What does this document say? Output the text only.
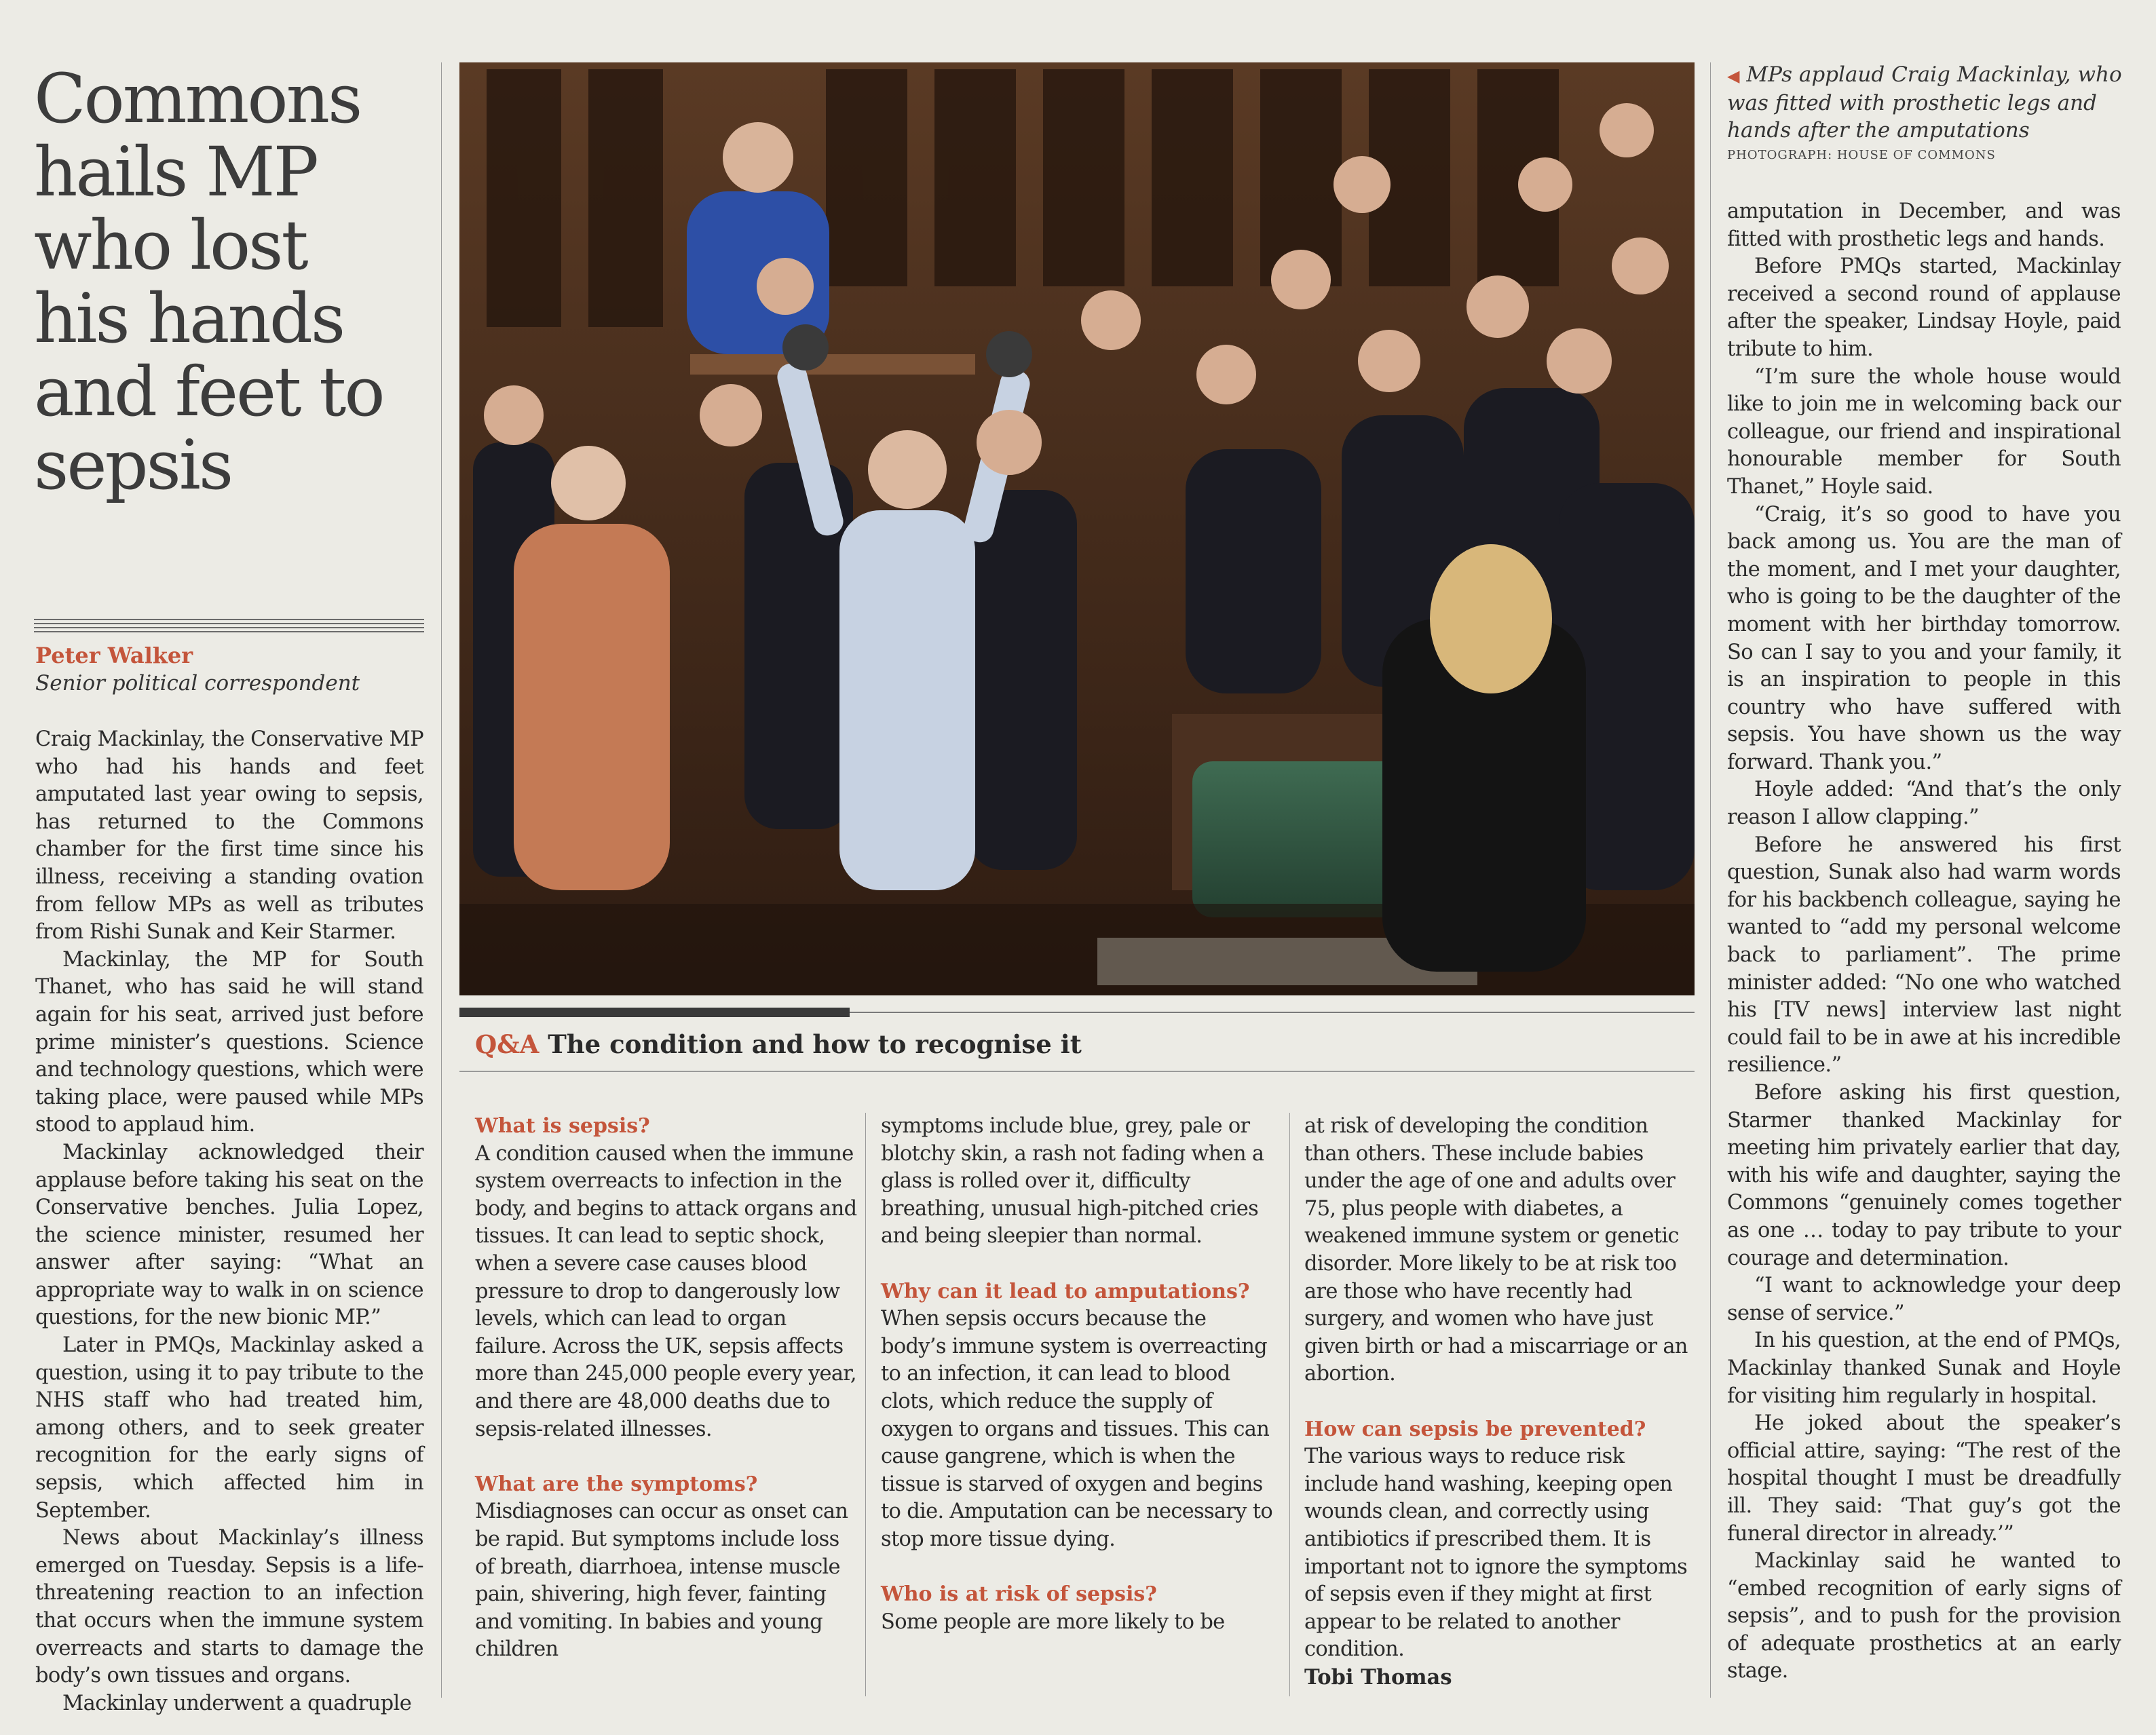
Commons hails MP who lost his hands and feet to sepsis
Peter Walker
Senior political correspondent

Craig Mackinlay, the Conservative MP who had his hands and feet amputated last year owing to sepsis, has returned to the Commons chamber for the first time since his illness, receiving a standing ovation from fellow MPs as well as tributes from Rishi Sunak and Keir Starmer.

Mackinlay, the MP for South Thanet, who has said he will stand again for his seat, arrived just before prime minister’s questions. Science and technology questions, which were taking place, were paused while MPs stood to applaud him.

Mackinlay acknowledged their applause before taking his seat on the Conservative benches. Julia Lopez, the science minister, resumed her answer after saying: “What an appropriate way to walk in on science questions, for the new bionic MP.”

Later in PMQs, Mackinlay asked a question, using it to pay tribute to the NHS staff who had treated him, among others, and to seek greater recognition for the early signs of sepsis, which affected him in September.

News about Mackinlay’s illness emerged on Tuesday. Sepsis is a life-threatening reaction to an infection that occurs when the immune system overreacts and starts to damage the body’s own tissues and organs.

Mackinlay underwent a quadruple

◀ MPs applaud Craig Mackinlay, who was fitted with prosthetic legs and hands after the amputations
PHOTOGRAPH: HOUSE OF COMMONS

amputation in December, and was fitted with prosthetic legs and hands.

Before PMQs started, Mackinlay received a second round of applause after the speaker, Lindsay Hoyle, paid tribute to him.

“I’m sure the whole house would like to join me in welcoming back our colleague, our friend and inspirational honourable member for South Thanet,” Hoyle said.

“Craig, it’s so good to have you back among us. You are the man of the moment, and I met your daughter, who is going to be the daughter of the moment with her birthday tomorrow. So can I say to you and your family, it is an inspiration to people in this country who have suffered with sepsis. You have shown us the way forward. Thank you.”

Hoyle added: “And that’s the only reason I allow clapping.”

Before he answered his first question, Sunak also had warm words for his backbench colleague, saying he wanted to “add my personal welcome back to parliament”. The prime minister added: “No one who watched his [TV news] interview last night could fail to be in awe at his incredible resilience.”

Before asking his first question, Starmer thanked Mackinlay for meeting him privately earlier that day, with his wife and daughter, saying the Commons “genuinely comes together as one … today to pay tribute to your courage and determination.

“I want to acknowledge your deep sense of service.”

In his question, at the end of PMQs, Mackinlay thanked Sunak and Hoyle for visiting him regularly in hospital.

He joked about the speaker’s official attire, saying: “The rest of the hospital thought I must be dreadfully ill. They said: ‘That guy’s got the funeral director in already.’”

Mackinlay said he wanted to “embed recognition of early signs of sepsis”, and to push for the provision of adequate prosthetics at an early stage.

Q&A The condition and how to recognise it

What is sepsis?

A condition caused when the immune system overreacts to infection in the body, and begins to attack organs and tissues. It can lead to septic shock, when a severe case causes blood pressure to drop to dangerously low levels, which can lead to organ failure. Across the UK, sepsis affects more than 245,000 people every year, and there are 48,000 deaths due to sepsis-related illnesses.

What are the symptoms?

Misdiagnoses can occur as onset can be rapid. But symptoms include loss of breath, diarrhoea, intense muscle pain, shivering, high fever, fainting and vomiting. In babies and young children

symptoms include blue, grey, pale or blotchy skin, a rash not fading when a glass is rolled over it, difficulty breathing, unusual high-pitched cries and being sleepier than normal.

Why can it lead to amputations?

When sepsis occurs because the body’s immune system is overreacting to an infection, it can lead to blood clots, which reduce the supply of oxygen to organs and tissues. This can cause gangrene, which is when the tissue is starved of oxygen and begins to die. Amputation can be necessary to stop more tissue dying.

Who is at risk of sepsis?

Some people are more likely to be

at risk of developing the condition than others. These include babies under the age of one and adults over 75, plus people with diabetes, a weakened immune system or genetic disorder. More likely to be at risk too are those who have recently had surgery, and women who have just given birth or had a miscarriage or an abortion.

How can sepsis be prevented?

The various ways to reduce risk include hand washing, keeping open wounds clean, and correctly using antibiotics if prescribed them. It is important not to ignore the symptoms of sepsis even if they might at first appear to be related to another condition.

Tobi Thomas
